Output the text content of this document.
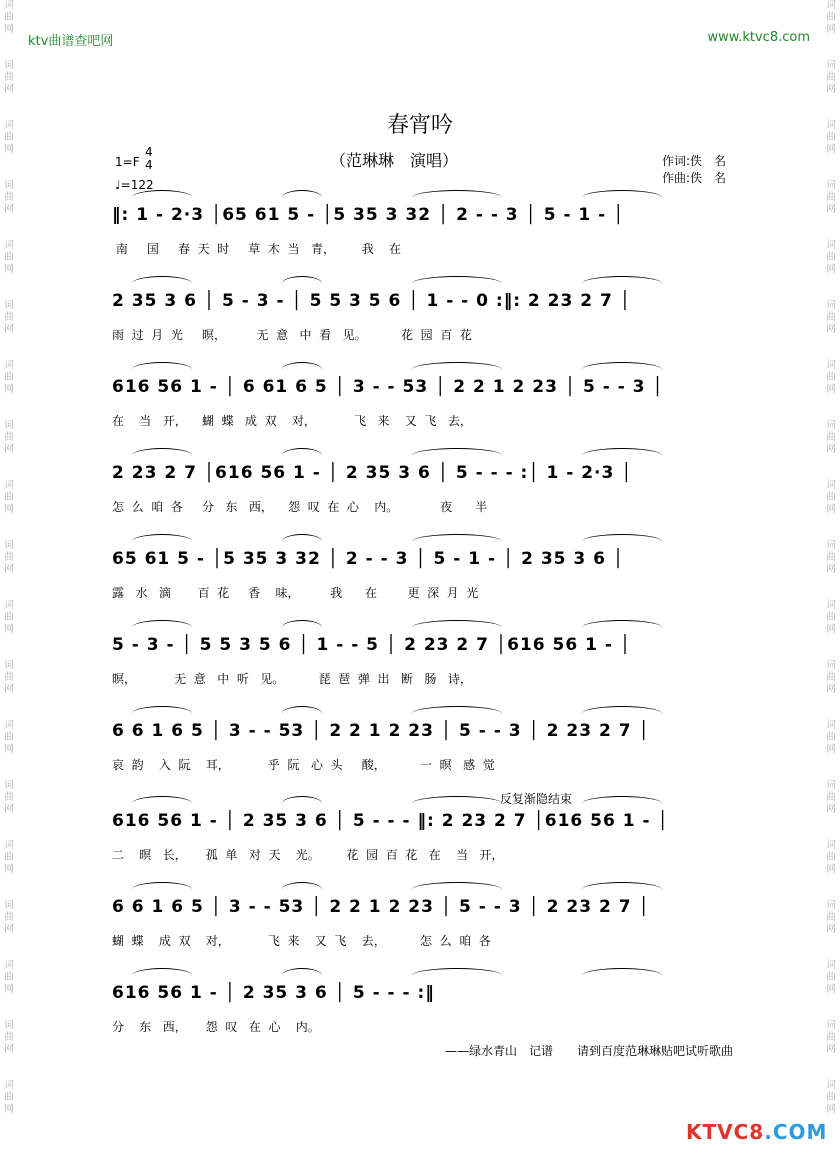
词
曲
网

词
曲
网

词
曲
网

词
曲
网

词
曲
网

词
曲
网

词
曲
网

词
曲
网

词
曲
网

词
曲
网

词
曲
网

词
曲
网

词
曲
网

词
曲
网

词
曲
网

词
曲
网

词
曲
网

词
曲
网

词
曲
网
词
曲
网

词
曲
网

词
曲
网

词
曲
网

词
曲
网

词
曲
网

词
曲
网

词
曲
网

词
曲
网

词
曲
网

词
曲
网

词
曲
网

词
曲
网

词
曲
网

词
曲
网

词
曲
网

词
曲
网

词
曲
网

词
曲
网
ktv曲谱查吧网	www.ktvc8.com
春宵吟
（范琳琳　演唱）	作词:佚　名
作曲:佚　名
1=F
4
4
♩=122
‖: 1 - 2·3 │65 61 5 - │5 35 3 32 │ 2 - - 3 │ 5 - 1 - │
南     国     春  天  时     草  木  当   青，       我    在
2 35 3 6 │ 5 - 3 - │ 5 5 3 5 6 │ 1 - - 0 :‖: 2 23 2 7 │
雨  过  月  光     暝，        无  意   中  看   见。         花  园  百  花
616 56 1 - │ 6 61 6 5 │ 3 - - 53 │ 2 2 1 2 23 │ 5 - - 3 │
在    当   开，    蝴  蝶   成  双    对，          飞   来    又  飞   去，
2 23 2 7 │616 56 1 - │ 2 35 3 6 │ 5 - - - :│ 1 - 2·3 │
怎  么  咱  各     分   东   西，    怨  叹  在  心    内。           夜      半
65 61 5 - │5 35 3 32 │ 2 - - 3 │ 5 - 1 - │ 2 35 3 6 │
露   水   滴       百  花     香    味，        我      在        更  深  月  光
5 - 3 - │ 5 5 3 5 6 │ 1 - - 5 │ 2 23 2 7 │616 56 1 - │
暝，          无  意   中  听   见。         琵  琶  弹  出   断   肠   诗，
6 6 1 6 5 │ 3 - - 53 │ 2 2 1 2 23 │ 5 - - 3 │ 2 23 2 7 │
哀  韵    入  阮    耳，          乎  阮   心  头     酸，         一  暝   感  觉
616 56 1 - │ 2 35 3 6 │ 5 - - - ‖: 2 23 2 7 │616 56 1 - │
二    暝   长，     孤  单   对  天    光。       花  园  百  花   在    当   开，
6 6 1 6 5 │ 3 - - 53 │ 2 2 1 2 23 │ 5 - - 3 │ 2 23 2 7 │
蝴  蝶    成  双    对，          飞  来    又  飞    去，         怎  么  咱  各
616 56 1 - │ 2 35 3 6 │ 5 - - - :‖
分    东   西，     怨  叹   在  心    内。
反复渐隐结束
——绿水青山　记谱　　请到百度范琳琳贴吧试听歌曲
KTVC8.COM
